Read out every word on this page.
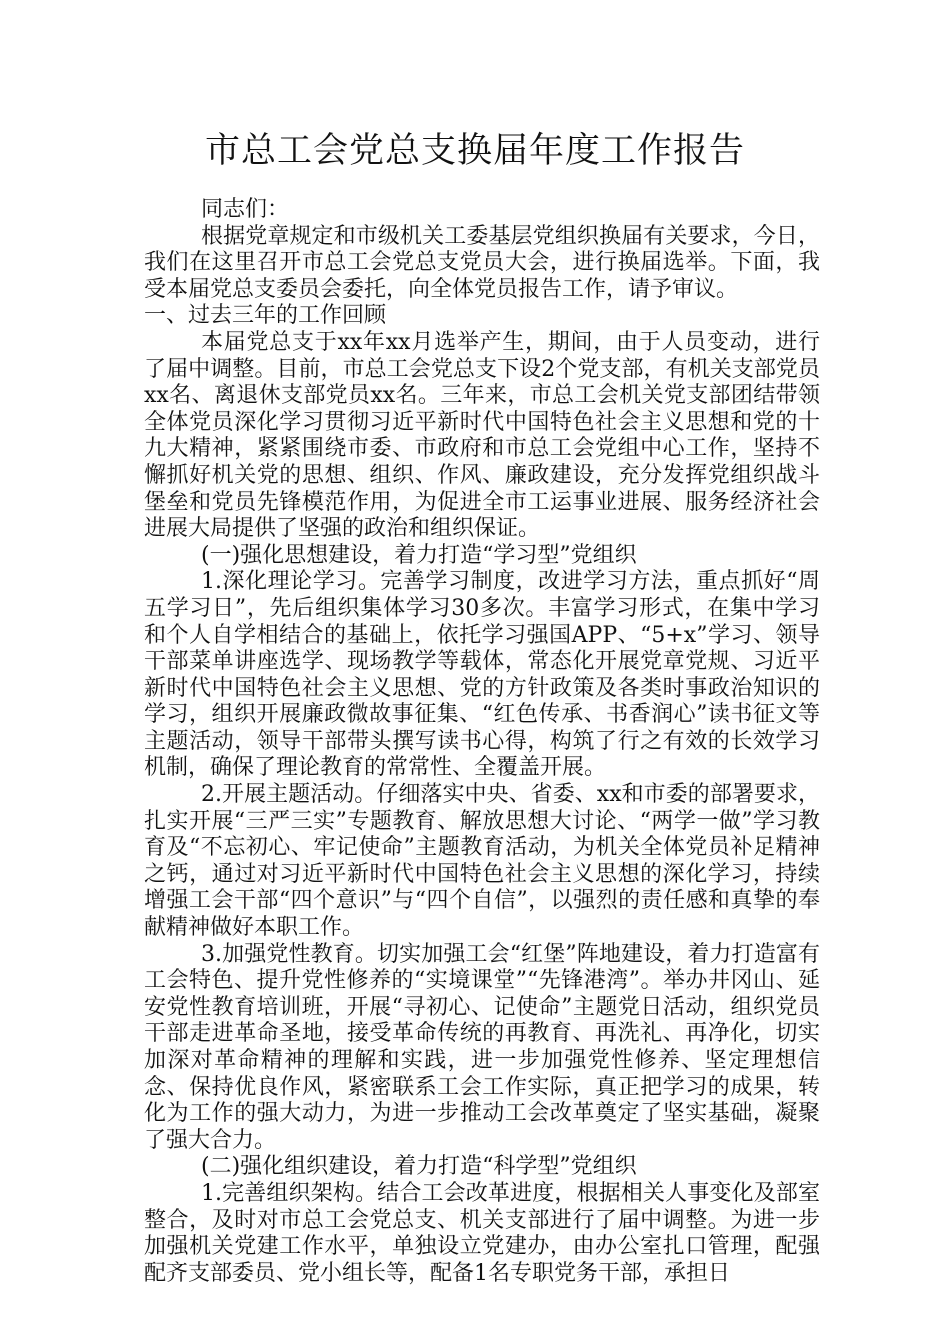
市总工会党总支换届年度工作报告

同志们：

根据党章规定和市级机关工委基层党组织换届有关要求，今日，我们在这里召开市总工会党总支党员大会，进行换届选举。下面，我受本届党总支委员会委托，向全体党员报告工作，请予审议。

一、过去三年的工作回顾

本届党总支于xx年xx月选举产生，期间，由于人员变动，进行了届中调整。目前，市总工会党总支下设2个党支部，有机关支部党员xx名、离退休支部党员xx名。三年来，市总工会机关党支部团结带领全体党员深化学习贯彻习近平新时代中国特色社会主义思想和党的十九大精神，紧紧围绕市委、市政府和市总工会党组中心工作，坚持不懈抓好机关党的思想、组织、作风、廉政建设，充分发挥党组织战斗堡垒和党员先锋模范作用，为促进全市工运事业进展、服务经济社会进展大局提供了坚强的政治和组织保证。

(一)强化思想建设，着力打造“学习型”党组织

1.深化理论学习。完善学习制度，改进学习方法，重点抓好“周五学习日”，先后组织集体学习30多次。丰富学习形式，在集中学习和个人自学相结合的基础上，依托学习强国APP、“5+x”学习、领导干部菜单讲座选学、现场教学等载体，常态化开展党章党规、习近平新时代中国特色社会主义思想、党的方针政策及各类时事政治知识的学习，组织开展廉政微故事征集、“红色传承、书香润心”读书征文等主题活动，领导干部带头撰写读书心得，构筑了行之有效的长效学习机制，确保了理论教育的常常性、全覆盖开展。

2.开展主题活动。仔细落实中央、省委、xx和市委的部署要求，扎实开展“三严三实”专题教育、解放思想大讨论、“两学一做”学习教育及“不忘初心、牢记使命”主题教育活动，为机关全体党员补足精神之钙，通过对习近平新时代中国特色社会主义思想的深化学习，持续增强工会干部“四个意识”与“四个自信”，以强烈的责任感和真挚的奉献精神做好本职工作。

3.加强党性教育。切实加强工会“红堡”阵地建设，着力打造富有工会特色、提升党性修养的“实境课堂”“先锋港湾”。举办井冈山、延安党性教育培训班，开展“寻初心、记使命”主题党日活动，组织党员干部走进革命圣地，接受革命传统的再教育、再洗礼、再净化，切实加深对革命精神的理解和实践，进一步加强党性修养、坚定理想信念、保持优良作风，紧密联系工会工作实际，真正把学习的成果，转化为工作的强大动力，为进一步推动工会改革奠定了坚实基础，凝聚了强大合力。

(二)强化组织建设，着力打造“科学型”党组织

1.完善组织架构。结合工会改革进度，根据相关人事变化及部室整合，及时对市总工会党总支、机关支部进行了届中调整。为进一步加强机关党建工作水平，单独设立党建办，由办公室扎口管理，配强配齐支部委员、党小组长等，配备1名专职党务干部，承担日
